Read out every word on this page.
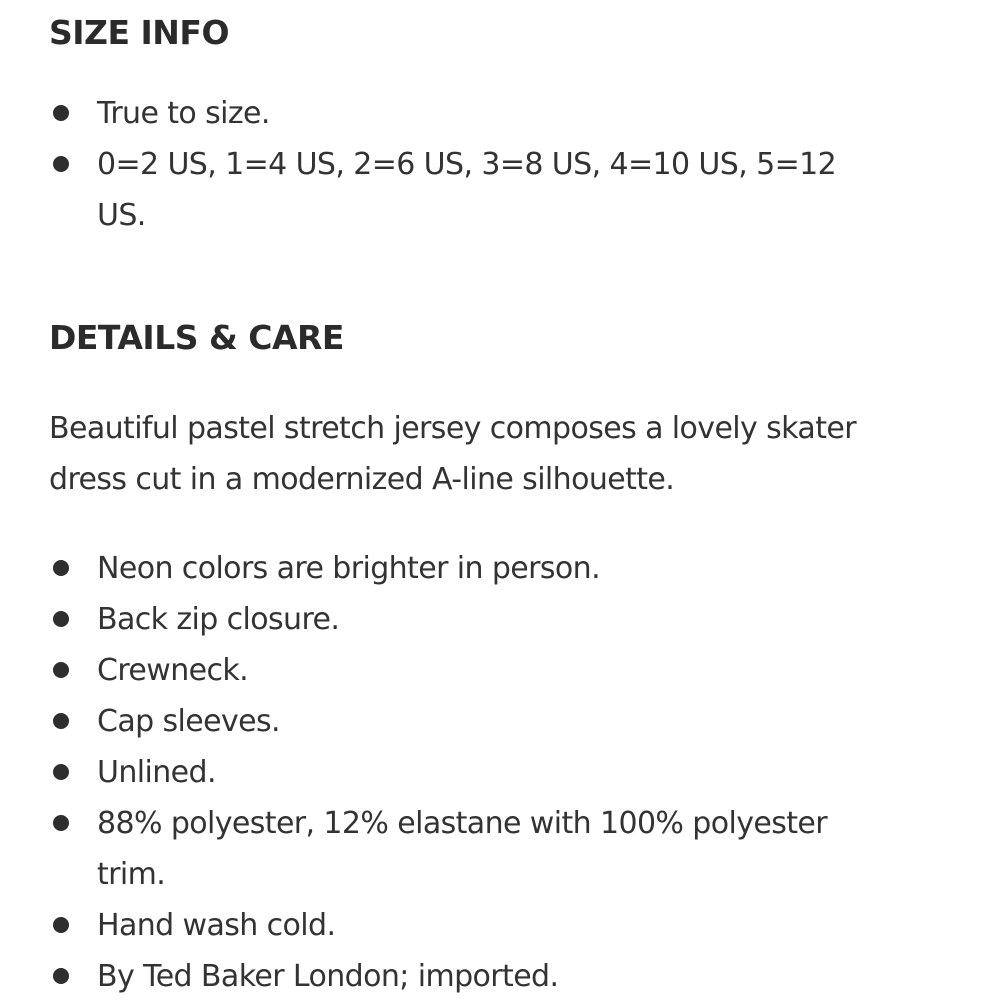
SIZE INFO
True to size.
0=2 US, 1=4 US, 2=6 US, 3=8 US, 4=10 US, 5=12 US.
DETAILS & CARE

Beautiful pastel stretch jersey composes a lovely skater dress cut in a modernized A-line silhouette.

Neon colors are brighter in person.
Back zip closure.
Crewneck.
Cap sleeves.
Unlined.
88% polyester, 12% elastane with 100% polyester trim.
Hand wash cold.
By Ted Baker London; imported.
